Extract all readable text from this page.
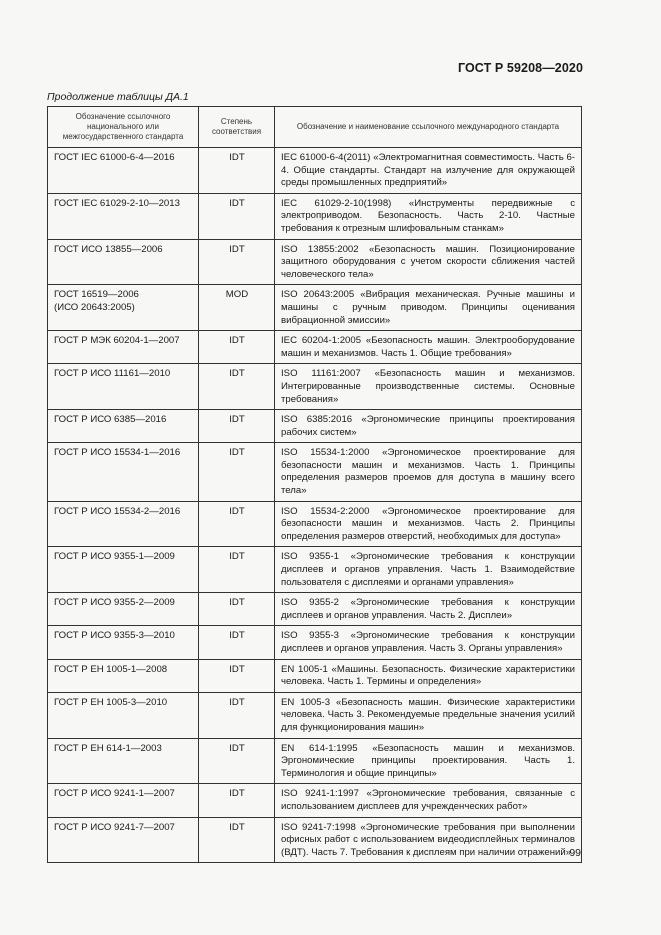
ГОСТ Р 59208—2020
Продолжение таблицы ДА.1
Обозначение ссылочного национального или межгосударственного стандарта	Степень соответствия	Обозначение и наименование ссылочного международного стандарта
ГОСТ IEC 61000-6-4—2016	IDT	IEC 61000-6-4(2011) «Электромагнитная совместимость. Часть 6-4. Общие стандарты. Стандарт на излучение для окружающей среды промышленных предприятий»
ГОСТ IEC 61029-2-10—2013	IDT	IEC 61029-2-10(1998) «Инструменты передвижные с электроприводом. Безопасность. Часть 2-10. Частные требования к отрезным шлифовальным станкам»
ГОСТ ИСО 13855—2006	IDT	ISO 13855:2002 «Безопасность машин. Позиционирование защитного оборудования с учетом скорости сближения частей человеческого тела»
ГОСТ 16519—2006
(ИСО 20643:2005)	MOD	ISO 20643:2005 «Вибрация механическая. Ручные машины и машины с ручным приводом. Принципы оценивания вибрационной эмиссии»
ГОСТ Р МЭК 60204-1—2007	IDT	IEC 60204-1:2005 «Безопасность машин. Электрооборудование машин и механизмов. Часть 1. Общие требования»
ГОСТ Р ИСО 11161—2010	IDT	ISO 11161:2007 «Безопасность машин и механизмов. Интегрированные производственные системы. Основные требования»
ГОСТ Р ИСО 6385—2016	IDT	ISO 6385:2016 «Эргономические принципы проектирования рабочих систем»
ГОСТ Р ИСО 15534-1—2016	IDT	ISO 15534-1:2000 «Эргономическое проектирование для безопасности машин и механизмов. Часть 1. Принципы определения размеров проемов для доступа в машину всего тела»
ГОСТ Р ИСО 15534-2—2016	IDT	ISO 15534-2:2000 «Эргономическое проектирование для безопасности машин и механизмов. Часть 2. Принципы определения размеров отверстий, необходимых для доступа»
ГОСТ Р ИСО 9355-1—2009	IDT	ISO 9355-1 «Эргономические требования к конструкции дисплеев и органов управления. Часть 1. Взаимодействие пользователя с дисплеями и органами управления»
ГОСТ Р ИСО 9355-2—2009	IDT	ISO 9355-2 «Эргономические требования к конструкции дисплеев и органов управления. Часть 2. Дисплеи»
ГОСТ Р ИСО 9355-3—2010	IDT	ISO 9355-3 «Эргономические требования к конструкции дисплеев и органов управления. Часть 3. Органы управления»
ГОСТ Р ЕН 1005-1—2008	IDT	EN 1005-1 «Машины. Безопасность. Физические характеристики человека. Часть 1. Термины и определения»
ГОСТ Р ЕН 1005-3—2010	IDT	EN 1005-3 «Безопасность машин. Физические характеристики человека. Часть 3. Рекомендуемые предельные значения усилий для функционирования машин»
ГОСТ Р ЕН 614-1—2003	IDT	EN 614-1:1995 «Безопасность машин и механизмов. Эргономические принципы проектирования. Часть 1. Терминология и общие принципы»
ГОСТ Р ИСО 9241-1—2007	IDT	ISO 9241-1:1997 «Эргономические требования, связанные с использованием дисплеев для учрежденческих работ»
ГОСТ Р ИСО 9241-7—2007	IDT	ISO 9241-7:1998 «Эргономические требования при выполнении офисных работ с использованием видеодисплейных терминалов (ВДТ). Часть 7. Требования к дисплеям при наличии отражений»
99
